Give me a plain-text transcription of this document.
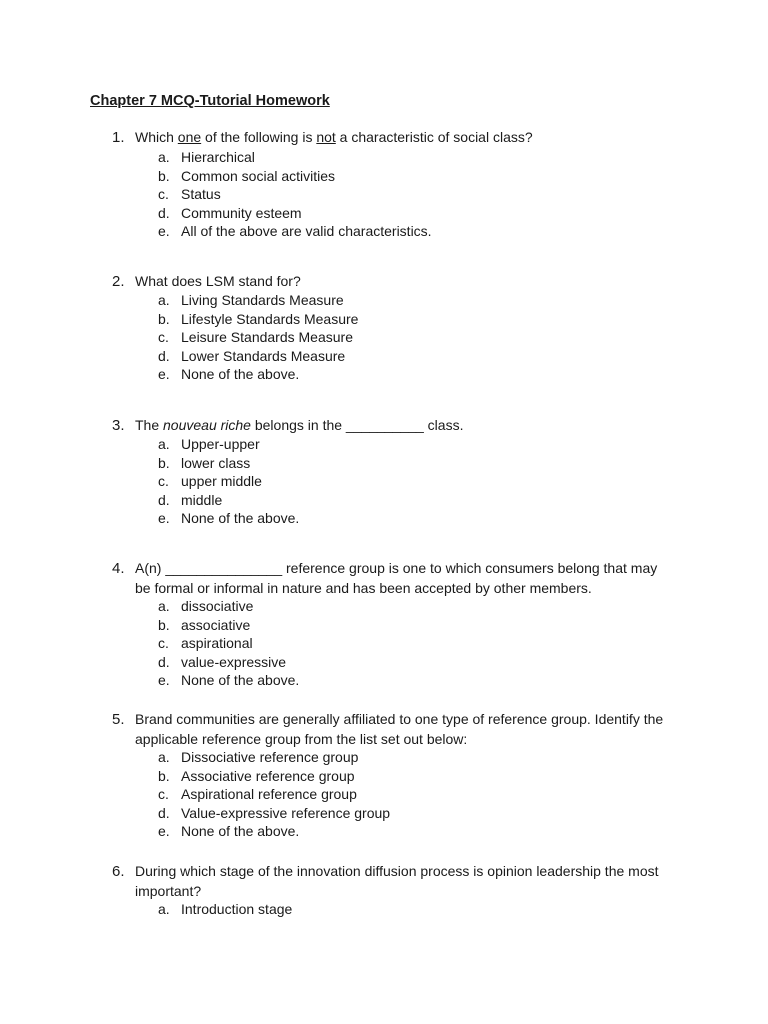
Chapter 7 MCQ-Tutorial Homework
1. Which one of the following is not a characteristic of social class?
a. Hierarchical
b. Common social activities
c. Status
d. Community esteem
e. All of the above are valid characteristics.
2. What does LSM stand for?
a. Living Standards Measure
b. Lifestyle Standards Measure
c. Leisure Standards Measure
d. Lower Standards Measure
e. None of the above.
3. The nouveau riche belongs in the __________ class.
a. Upper-upper
b. lower class
c. upper middle
d. middle
e. None of the above.
4. A(n) _______________ reference group is one to which consumers belong that may be formal or informal in nature and has been accepted by other members.
a. dissociative
b. associative
c. aspirational
d. value-expressive
e. None of the above.
5. Brand communities are generally affiliated to one type of reference group. Identify the applicable reference group from the list set out below:
a. Dissociative reference group
b. Associative reference group
c. Aspirational reference group
d. Value-expressive reference group
e. None of the above.
6. During which stage of the innovation diffusion process is opinion leadership the most important?
a. Introduction stage
